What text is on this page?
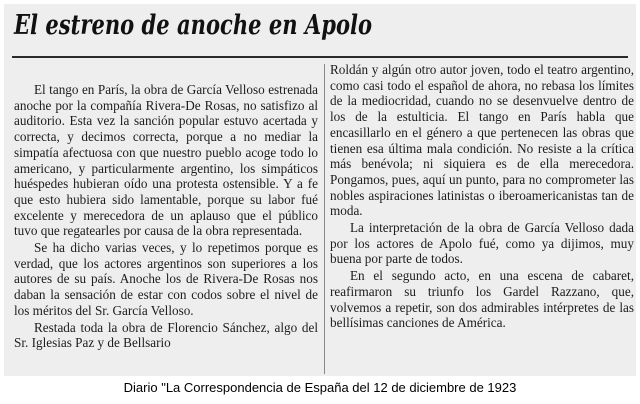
El estreno de anoche en Apolo

El tango en París, la obra de García Velloso estrenada anoche por la compañía Rivera-De Rosas, no satisfizo al auditorio. Esta vez la sanción popular estuvo acertada y correcta, y decimos correcta, porque a no mediar la simpatía afectuosa con que nuestro pueblo acoge todo lo americano, y particularmente argentino, los simpáticos huéspedes hubieran oído una protesta ostensible. Y a fe que esto hubiera sido lamentable, porque su labor fué excelente y merecedora de un aplauso que el público tuvo que regatearles por causa de la obra representada.

Se ha dicho varias veces, y lo repetimos porque es verdad, que los actores argentinos son superiores a los autores de su país. Anoche los de Rivera-De Rosas nos daban la sensación de estar con codos sobre el nivel de los méritos del Sr. García Velloso.

Restada toda la obra de Florencio Sánchez, algo del Sr. Iglesias Paz y de Bellsario

Roldán y algún otro autor joven, todo el teatro argentino, como casi todo el español de ahora, no rebasa los límites de la mediocridad, cuando no se desenvuelve dentro de los de la estulticia. El tango en París habla que encasillarlo en el género a que pertenecen las obras que tienen esa última mala condición. No resiste a la crítica más benévola; ni siquiera es de ella merecedora. Pongamos, pues, aquí un punto, para no comprometer las nobles aspiraciones latinistas o iberoamericanistas tan de moda.

La interpretación de la obra de García Velloso dada por los actores de Apolo fué, como ya dijimos, muy buena por parte de todos.

En el segundo acto, en una escena de cabaret, reafirmaron su triunfo los Gardel Razzano, que, volvemos a repetir, son dos admirables intérpretes de las bellísimas canciones de América.

Diario "La Correspondencia de España del 12 de diciembre de 1923
